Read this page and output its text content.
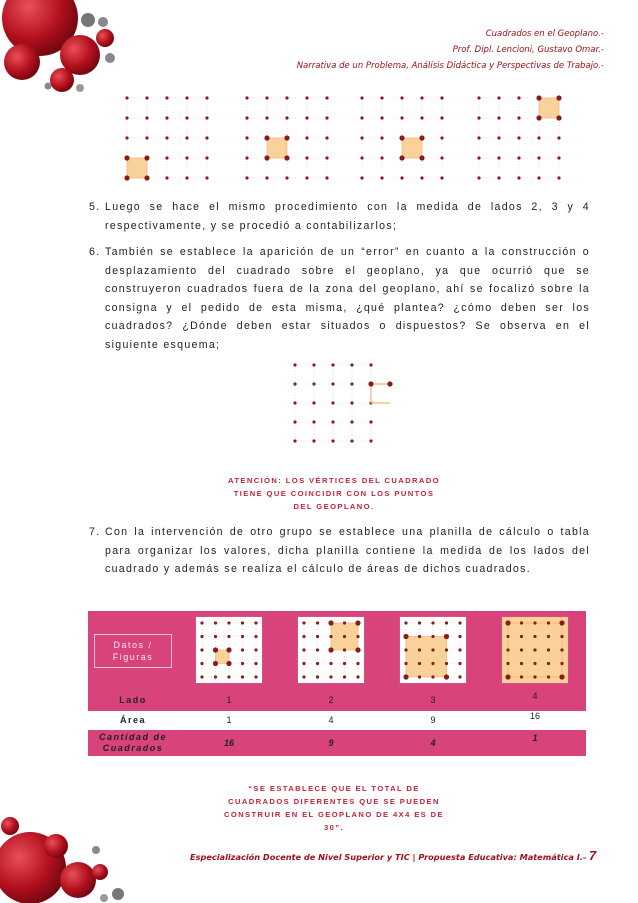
Cuadrados en el Geoplano.-
Prof. Dipl. Lencioni, Gustavo Omar.-
Narrativa de un Problema, Análisis Didáctica y Perspectivas de Trabajo.-
5. Luego se hace el mismo procedimiento con la medida de lados 2, 3 y 4 respectivamente, y se procedió a contabilizarlos;
6. También se establece la aparición de un “error” en cuanto a la construcción o desplazamiento del cuadrado sobre el geoplano, ya que ocurrió que se construyeron cuadrados fuera de la zona del geoplano, ahí se focalizó sobre la consigna y el pedido de esta misma, ¿qué plantea? ¿cómo deben ser los cuadrados? ¿Dónde deben estar situados o dispuestos? Se observa en el siguiente esquema;
ATENCIÓN: LOS VÉRTICES DEL CUADRADO TIENE QUE COINCIDIR CON LOS PUNTOS DEL GEOPLANO.
7. Con la intervención de otro grupo se establece una planilla de cálculo o tabla para organizar los valores, dicha planilla contiene la medida de los lados del cuadrado y además se realiza el cálculo de áreas de dichos cuadrados.
Datos / Figuras

Lado	1	2	3	4
Área	1	4	9	16
Cantidad de Cuadrados	16	9	4	1
“SE ESTABLECE QUE EL TOTAL DE CUADRADOS DIFERENTES QUE SE PUEDEN CONSTRUIR EN EL GEOPLANO DE 4X4 ES DE 30”.
Especialización Docente de Nivel Superior y TIC | Propuesta Educativa: Matemática I.- 7
